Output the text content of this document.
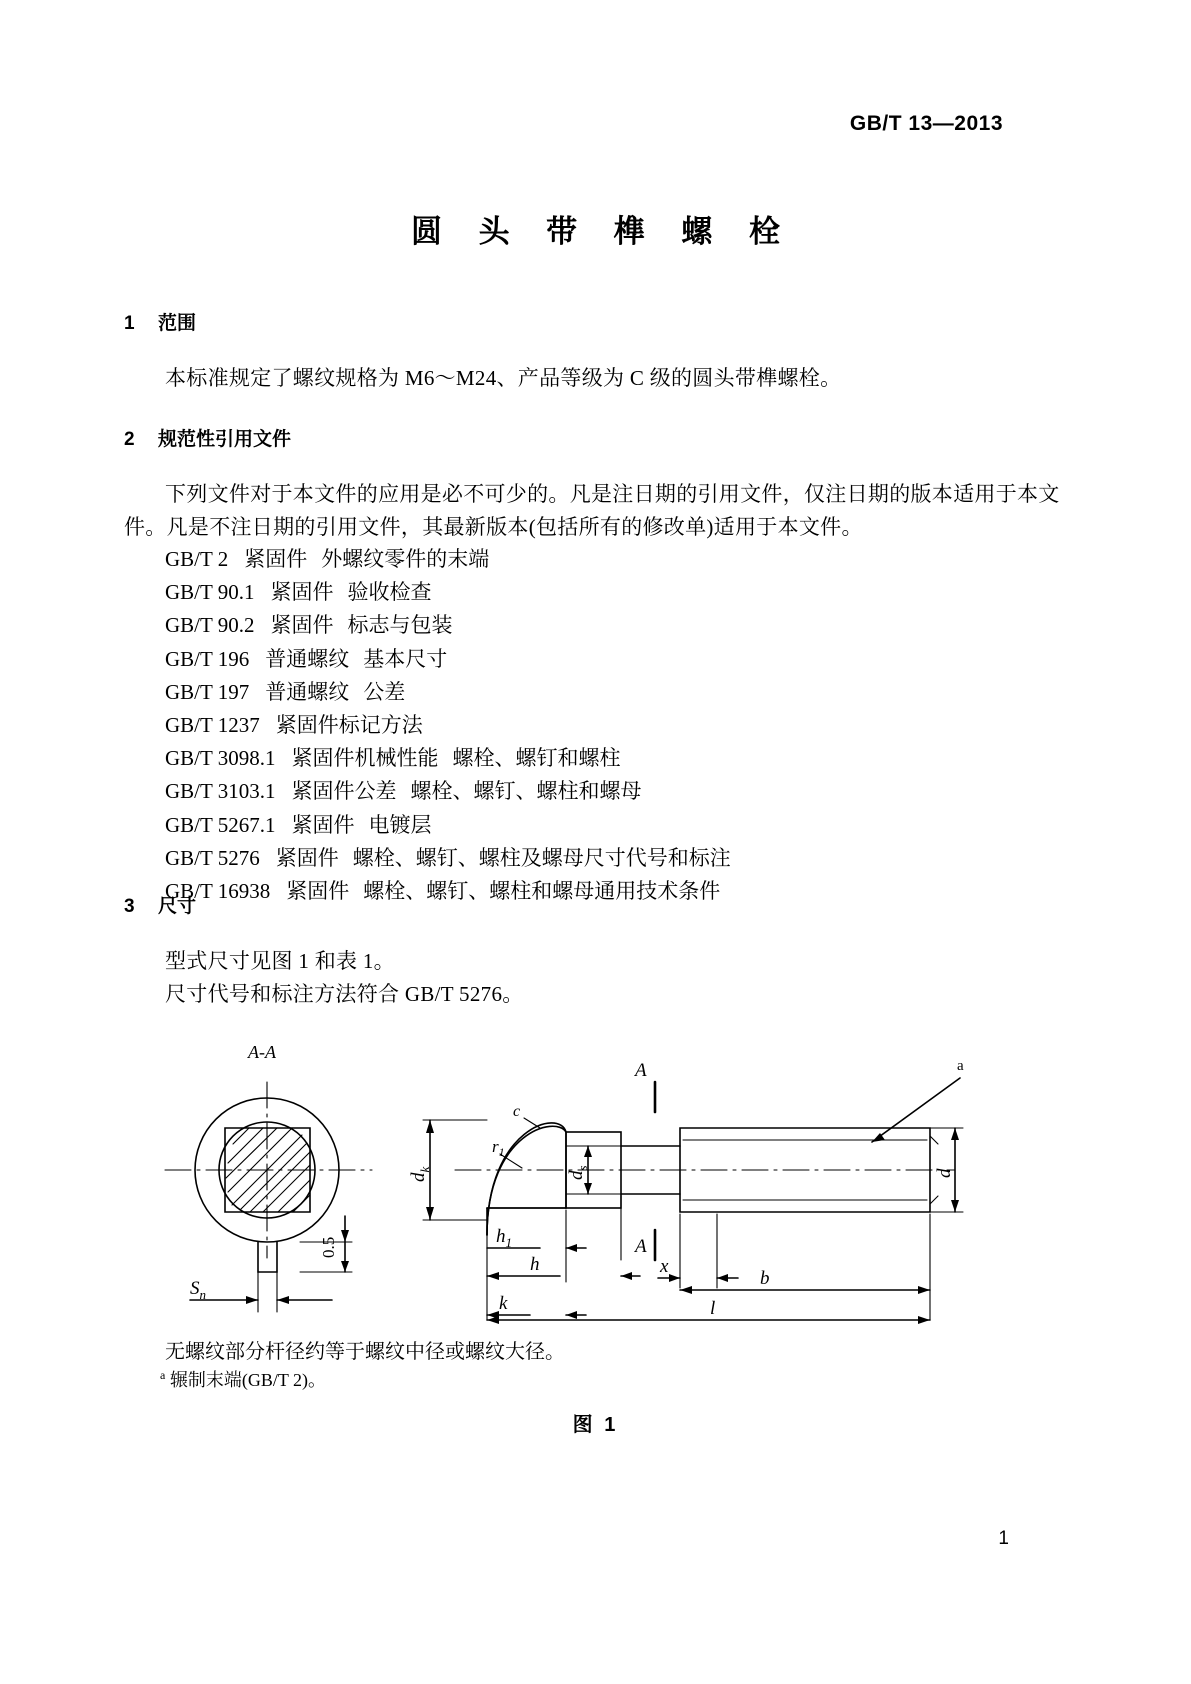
GB/T 13—2013
圆 头 带 榫 螺 栓
1 范围
本标准规定了螺纹规格为 M6～M24、产品等级为 C 级的圆头带榫螺栓。
2 规范性引用文件
下列文件对于本文件的应用是必不可少的。凡是注日期的引用文件，仅注日期的版本适用于本文
件。凡是不注日期的引用文件，其最新版本(包括所有的修改单)适用于本文件。
GB/T 2 紧固件 外螺纹零件的末端
GB/T 90.1 紧固件 验收检查
GB/T 90.2 紧固件 标志与包装
GB/T 196 普通螺纹 基本尺寸
GB/T 197 普通螺纹 公差
GB/T 1237 紧固件标记方法
GB/T 3098.1 紧固件机械性能 螺栓、螺钉和螺柱
GB/T 3103.1 紧固件公差 螺栓、螺钉、螺柱和螺母
GB/T 5267.1 紧固件 电镀层
GB/T 5276 紧固件 螺栓、螺钉、螺柱及螺母尺寸代号和标注
GB/T 16938 紧固件 螺栓、螺钉、螺柱和螺母通用技术条件
3 尺寸
型式尺寸见图 1 和表 1。
尺寸代号和标注方法符合 GB/T 5276。
A-A
A
A
$S_n$
0.5
$d_k$
$d_s$
d
$r_1$
c
$h_1$
h
k
x
b
l
a
无螺纹部分杆径约等于螺纹中径或螺纹大径。
$^a$ 辗制末端(GB/T 2)。
图 1
1
